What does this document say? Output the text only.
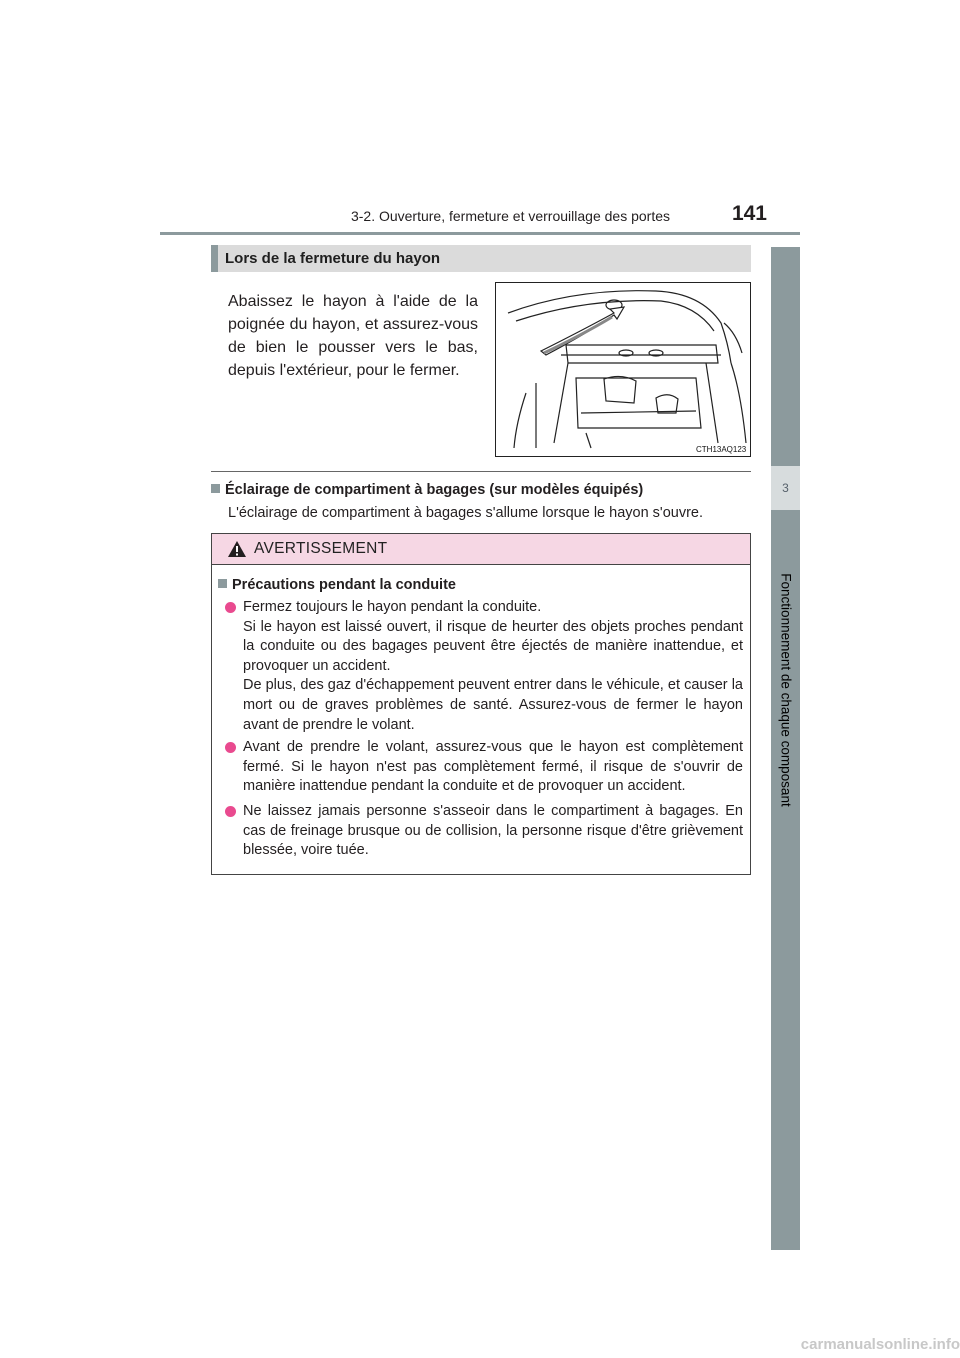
3-2. Ouverture, fermeture et verrouillage des portes	141
3
Fonctionnement de chaque composant
Lors de la fermeture du hayon
Abaissez le hayon à l'aide de la poignée du hayon, et assurez-vous de bien le pousser vers le bas, depuis l'extérieur, pour le fermer.
CTH13AQ123
Éclairage de compartiment à bagages (sur modèles équipés)
L'éclairage de compartiment à bagages s'allume lorsque le hayon s'ouvre.
AVERTISSEMENT
Précautions pendant la conduite

Fermez toujours le hayon pendant la conduite.

Si le hayon est laissé ouvert, il risque de heurter des objets proches pendant la conduite ou des bagages peuvent être éjectés de manière inattendue, et provoquer un accident.

De plus, des gaz d'échappement peuvent entrer dans le véhicule, et causer la mort ou de graves problèmes de santé. Assurez-vous de fermer le hayon avant de prendre le volant.

Avant de prendre le volant, assurez-vous que le hayon est complètement fermé. Si le hayon n'est pas complètement fermé, il risque de s'ouvrir de manière inattendue pendant la conduite et de provoquer un accident.

Ne laissez jamais personne s'asseoir dans le compartiment à bagages. En cas de freinage brusque ou de collision, la personne risque d'être grièvement blessée, voire tuée.

carmanualsonline.info
